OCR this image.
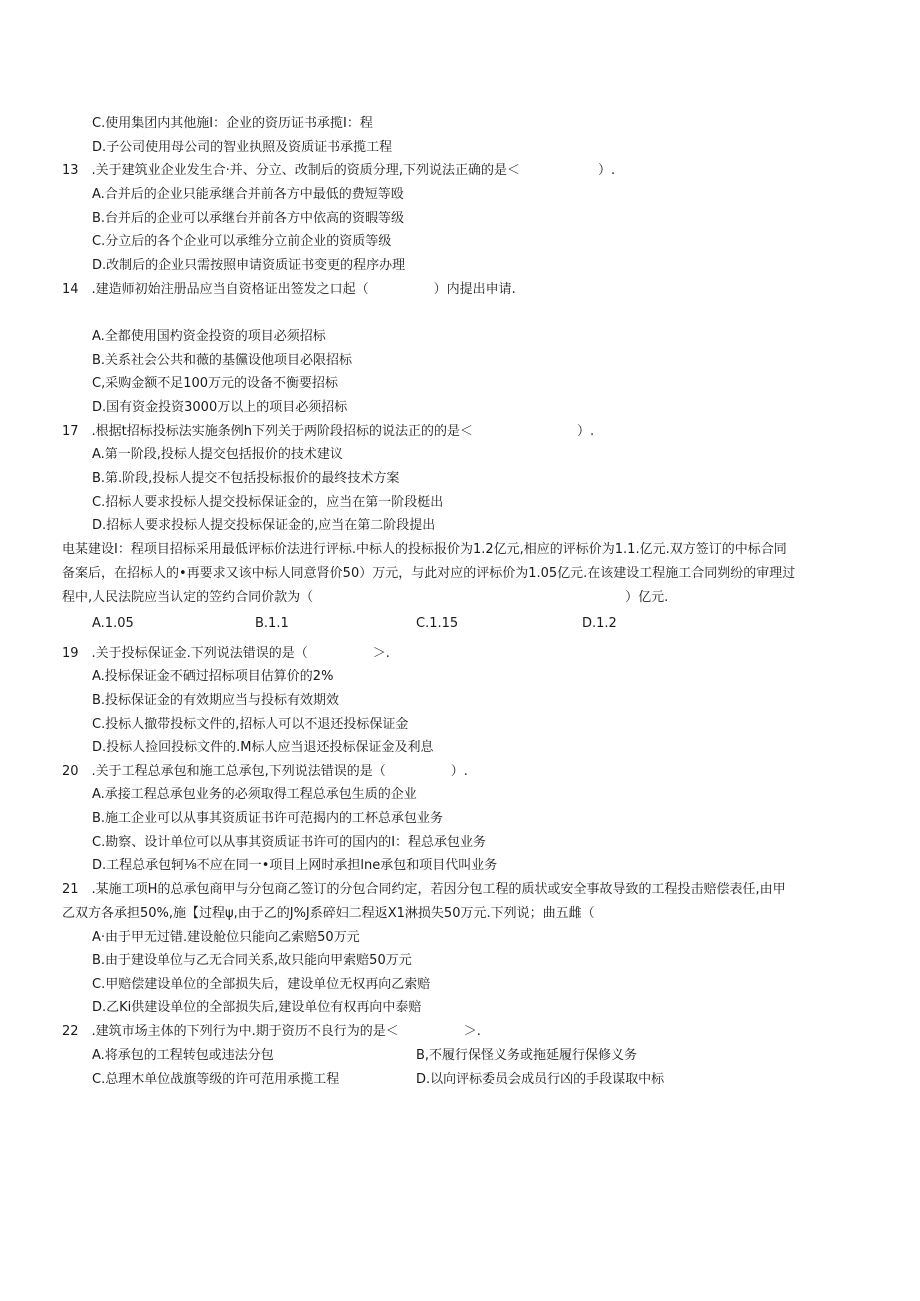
C.使用集团内其他施I：企业的资历证书承揽I：程
D.子公司使用母公司的智业执照及资质证书承揽工程
13　.关于建筑业企业发生合·并、分立、改制后的资质分理,下列说法正确的是＜　　　　　　）.
A.合并后的企业只能承继合并前各方中最低的费短等殴
B.台并后的企业可以承继台并前各方中依高的资暇等级
C.分立后的各个企业可以承维分立前企业的资质等级
D.改制后的企业只需按照申请资质证书变更的程序办理
14　.建造师初始注册品应当自资格证出签发之口起（　　　　　）内提出申请.
A.全都使用国杓资金投资的项目必须招标
B.关系社会公共和薇的基儻设他项目必限招标
C,采购金额不足100万元的设备不衡要招标
D.国有资金投资3000万以上的项目必须招标
17　.根据t招标投标法实施条例h下列关于两阶段招标的说法正的的是＜　　　　　　　　）.
A.第一阶段,投标人提交包括报价的技术建议
B.第.阶段,投标人提交不包括投标报价的最终技术方案
C.招标人要求投标人提交投标保证金的，应当在第一阶段梃出
D.招标人要求投标人提交投标保证金的,应当在第二阶段提出
电某建设I：程项目招标采用最低评标价法进行评标.中标人的投标报价为1.2亿元,相应的评标价为1.1.亿元.双方签订的中标合同
备案后，在招标人的•再要求又该中标人同意肾价50）万元，与此对应的评标价为1.05亿元.在该建设工程施工合同刿纷的审理过
程中,人民法院应当认定的笠约合同价款为（　　　　　　　　　　　　　　　　　　　　　　　　）亿元.
A.1.05	B.1.1	C.1.15	D.1.2
19　.关于投标保证金.下列说法错误的是（　　　　　＞.
A.投标保证金不硒过招标项目估算价的2%
B.投标保证金的有效期应当与投标有效期效
C.投标人撤带投标文件的,招标人可以不退还投标保证金
D.投标人捡回投标文件的.M标人应当退还投标保证金及利息
20　.关于工程总承包和施工总承包,下列说法错误的是（　　　　　）.
A.承接工程总承包业务的必须取得工程总承包生质的企业
B.施工企业可以从事其资质证书许可范揭内的工杯总承包业务
C.勘察、设计单位可以从事其资质证书许可的国内的I：程总承包业务
D.工程总承包轲⅛不应在同一•项目上网时承担lne承包和项目代叫业务
21　.某施工项H的总承包商甲与分包商乙签订的分包合同约定，若因分包工程的质状或安全事故导致的工程投击赔偿表任,由甲
乙双方各承担50%,施【过程ψ,由于乙的J%J系碎妇二程返X1淋损失50万元.下列说；曲五雌（
A·由于甲无过错.建设舱位只能向乙索赔50万元
B.由于建设单位与乙无合同关系,故只能向甲索赔50万元
C.甲赔偿建设单位的全部损失后，建设单位无权再向乙索赔
D.乙Ki供建设单位的全部损失后,建设单位有权再向中泰赔
22　.建筑市场主体的下列行为中.期于资历不良行为的是＜　　　　　＞.
A.将承包的工程转包或违法分包	B,不履行保怪义务或拖延履行保修义务
C.总理木单位战旗等级的许可范用承揽工程	D.以向评标委员会成员行凶的手段谋取中标
